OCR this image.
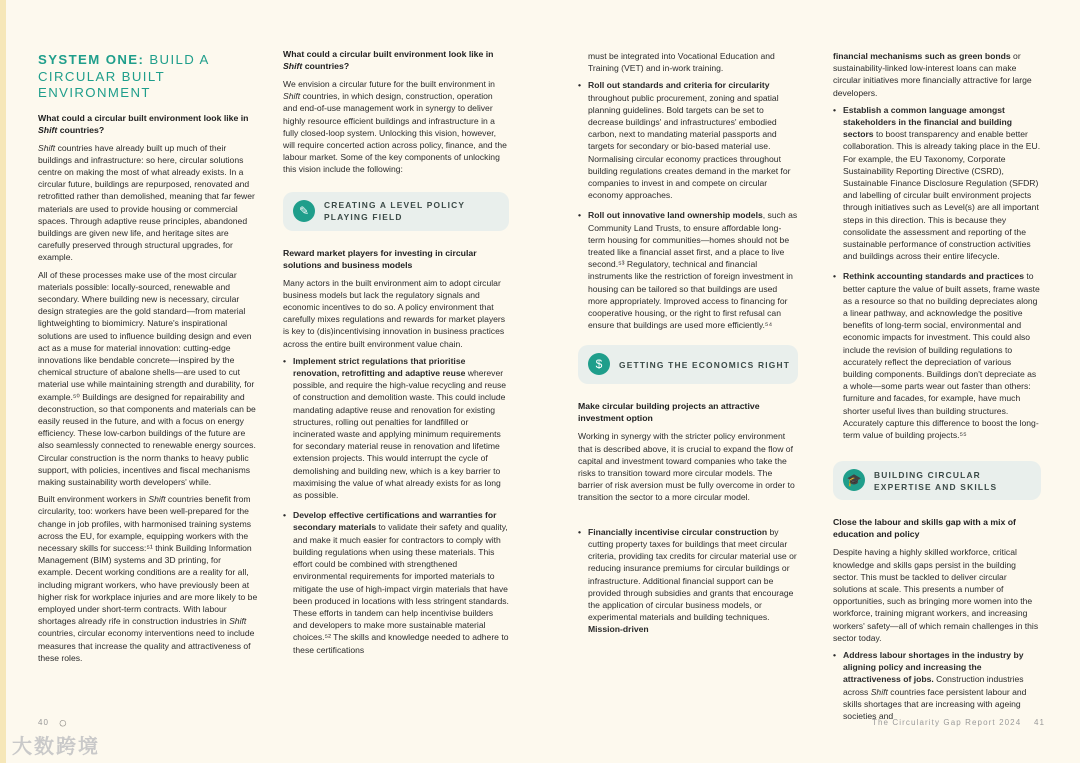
SYSTEM ONE: BUILD A CIRCULAR BUILT ENVIRONMENT
What could a circular built environment look like in Shift countries?

Shift countries have already built up much of their buildings and infrastructure: so here, circular solutions centre on making the most of what already exists. In a circular future, buildings are repurposed, renovated and retrofitted rather than demolished, meaning that far fewer materials are used to provide housing or commercial spaces. Through adaptive reuse principles, abandoned buildings are given new life, and heritage sites are carefully preserved through structural upgrades, for example.

All of these processes make use of the most circular materials possible: locally-sourced, renewable and secondary. Where building new is necessary, circular design strategies are the gold standard—from material lightweighting to biomimicry. Nature's inspirational solutions are used to influence building design and even act as a muse for material innovation: cutting-edge innovations like bendable concrete—inspired by the chemical structure of abalone shells—are used to cut material use while maintaining strength and durability, for example.⁵⁰ Buildings are designed for repairability and deconstruction, so that components and materials can be easily reused in the future, and with a focus on energy efficiency. These low-carbon buildings of the future are also seamlessly connected to renewable energy sources. Circular construction is the norm thanks to heavy public support, with policies, incentives and fiscal mechanisms making sustainability worth developers' while.

Built environment workers in Shift countries benefit from circularity, too: workers have been well-prepared for the change in job profiles, with harmonised training systems across the EU, for example, equipping workers with the necessary skills for success:⁵¹ think Building Information Management (BIM) systems and 3D printing, for example. Decent working conditions are a reality for all, including migrant workers, who have previously been at higher risk for workplace injuries and are more likely to be employed under short-term contracts. With labour shortages already rife in construction industries in Shift countries, circular economy interventions need to include measures that increase the quality and attractiveness of these roles.

What could a circular built environment look like in Shift countries?

We envision a circular future for the built environment in Shift countries, in which design, construction, operation and end-of-use management work in synergy to deliver highly resource efficient buildings and infrastructure in a fully closed-loop system. Unlocking this vision, however, will require concerted action across policy, finance, and the labour market. Some of the key components of unlocking this vision include the following:

✎	CREATING A LEVEL POLICY PLAYING FIELD
Reward market players for investing in circular solutions and business models

Many actors in the built environment aim to adopt circular business models but lack the regulatory signals and economic incentives to do so. A policy environment that carefully mixes regulations and rewards for market players is key to (dis)incentivising innovation in business practices across the entire built environment value chain.

• Implement strict regulations that prioritise renovation, retrofitting and adaptive reuse wherever possible, and require the high-value recycling and reuse of construction and demolition waste. This could include mandating adaptive reuse and renovation for existing structures, rolling out penalties for landfilled or incinerated waste and applying minimum requirements for secondary material reuse in renovation and lifetime extension projects. This would interrupt the cycle of demolishing and building new, which is a key barrier to maximising the value of what already exists for as long as possible.
• Develop effective certifications and warranties for secondary materials to validate their safety and quality, and make it much easier for contractors to comply with building regulations when using these materials. This effort could be combined with strengthened environmental requirements for imported materials to mitigate the use of high-impact virgin materials that have been produced in locations with less stringent standards. These efforts in tandem can help incentivise builders and developers to make more sustainable material choices.⁵² The skills and knowledge needed to adhere to these certifications

must be integrated into Vocational Education and Training (VET) and in-work training.

• Roll out standards and criteria for circularity throughout public procurement, zoning and spatial planning guidelines. Bold targets can be set to decrease buildings' and infrastructures' embodied carbon, next to mandating material passports and targets for secondary or bio-based material use. Normalising circular economy practices throughout building regulations creates demand in the market for companies to invest in and compete on circular economy approaches.
• Roll out innovative land ownership models, such as Community Land Trusts, to ensure affordable long-term housing for communities—homes should not be treated like a financial asset first, and a place to live second.⁵³ Regulatory, technical and financial instruments like the restriction of foreign investment in housing can be tailored so that buildings are used more appropriately. Improved access to financing for cooperative housing, or the right to first refusal can ensure that buildings are used more efficiently.⁵⁴
$	GETTING THE ECONOMICS RIGHT
Make circular building projects an attractive investment option

Working in synergy with the stricter policy environment that is described above, it is crucial to expand the flow of capital and investment toward companies who take the risks to transition toward more circular models. The barrier of risk aversion must be fully overcome in order to transition the sector to a more circular model.

• Financially incentivise circular construction by cutting property taxes for buildings that meet circular criteria, providing tax credits for circular material use or reducing insurance premiums for circular buildings or infrastructure. Additional financial support can be provided through subsidies and grants that encourage the application of circular business models, or experimental materials and building techniques. Mission-driven

financial mechanisms such as green bonds or sustainability-linked low-interest loans can make circular initiatives more financially attractive for large developers.

• Establish a common language amongst stakeholders in the financial and building sectors to boost transparency and enable better collaboration. This is already taking place in the EU. For example, the EU Taxonomy, Corporate Sustainability Reporting Directive (CSRD), Sustainable Finance Disclosure Regulation (SFDR) and labelling of circular built environment projects through initiatives such as Level(s) are all important steps in this direction. This is because they consolidate the assessment and reporting of the sustainable performance of construction activities and buildings across their entire lifecycle.
• Rethink accounting standards and practices to better capture the value of built assets, frame waste as a resource so that no building depreciates along a linear pathway, and acknowledge the positive benefits of long-term social, environmental and economic impacts for investment. This could also include the revision of building regulations to accurately reflect the depreciation of various building components. Buildings don't depreciate as a whole—some parts wear out faster than others: furniture and facades, for example, have much shorter useful lives than building structures. Accurately capture this difference to boost the long-term value of building projects.⁵⁵
🎓	BUILDING CIRCULAR EXPERTISE AND SKILLS
Close the labour and skills gap with a mix of education and policy

Despite having a highly skilled workforce, critical knowledge and skills gaps persist in the building sector. This must be tackled to deliver circular solutions at scale. This presents a number of opportunities, such as bringing more women into the workforce, training migrant workers, and increasing workers' safety—all of which remain challenges in this sector today.

• Address labour shortages in the industry by aligning policy and increasing the attractiveness of jobs. Construction industries across Shift countries face persistent labour and skills shortages that are increasing with ageing societies and
40 ◌	The Circularity Gap Report 2024 41
大数跨境
